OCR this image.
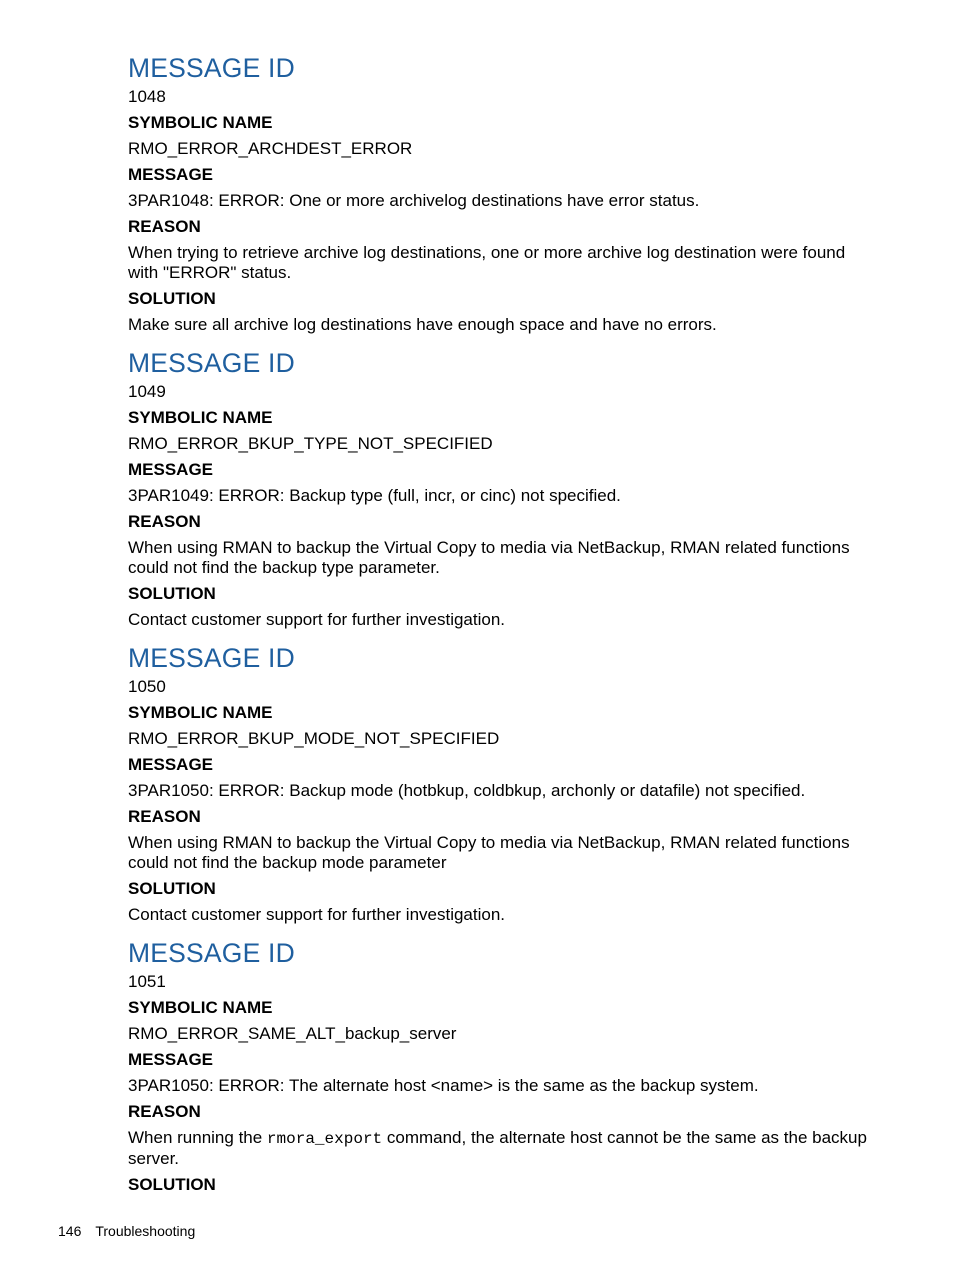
MESSAGE ID
1048
SYMBOLIC NAME
RMO_ERROR_ARCHDEST_ERROR
MESSAGE
3PAR1048: ERROR: One or more archivelog destinations have error status.
REASON
When trying to retrieve archive log destinations, one or more archive log destination were found with "ERROR" status.
SOLUTION
Make sure all archive log destinations have enough space and have no errors.
MESSAGE ID
1049
SYMBOLIC NAME
RMO_ERROR_BKUP_TYPE_NOT_SPECIFIED
MESSAGE
3PAR1049: ERROR: Backup type (full, incr, or cinc) not specified.
REASON
When using RMAN to backup the Virtual Copy to media via NetBackup, RMAN related functions could not find the backup type parameter.
SOLUTION
Contact customer support for further investigation.
MESSAGE ID
1050
SYMBOLIC NAME
RMO_ERROR_BKUP_MODE_NOT_SPECIFIED
MESSAGE
3PAR1050: ERROR: Backup mode (hotbkup, coldbkup, archonly or datafile) not specified.
REASON
When using RMAN to backup the Virtual Copy to media via NetBackup, RMAN related functions could not find the backup mode parameter
SOLUTION
Contact customer support for further investigation.
MESSAGE ID
1051
SYMBOLIC NAME
RMO_ERROR_SAME_ALT_backup_server
MESSAGE
3PAR1050: ERROR: The alternate host <name> is the same as the backup system.
REASON
When running the rmora_export command, the alternate host cannot be the same as the backup server.
SOLUTION
146 Troubleshooting
